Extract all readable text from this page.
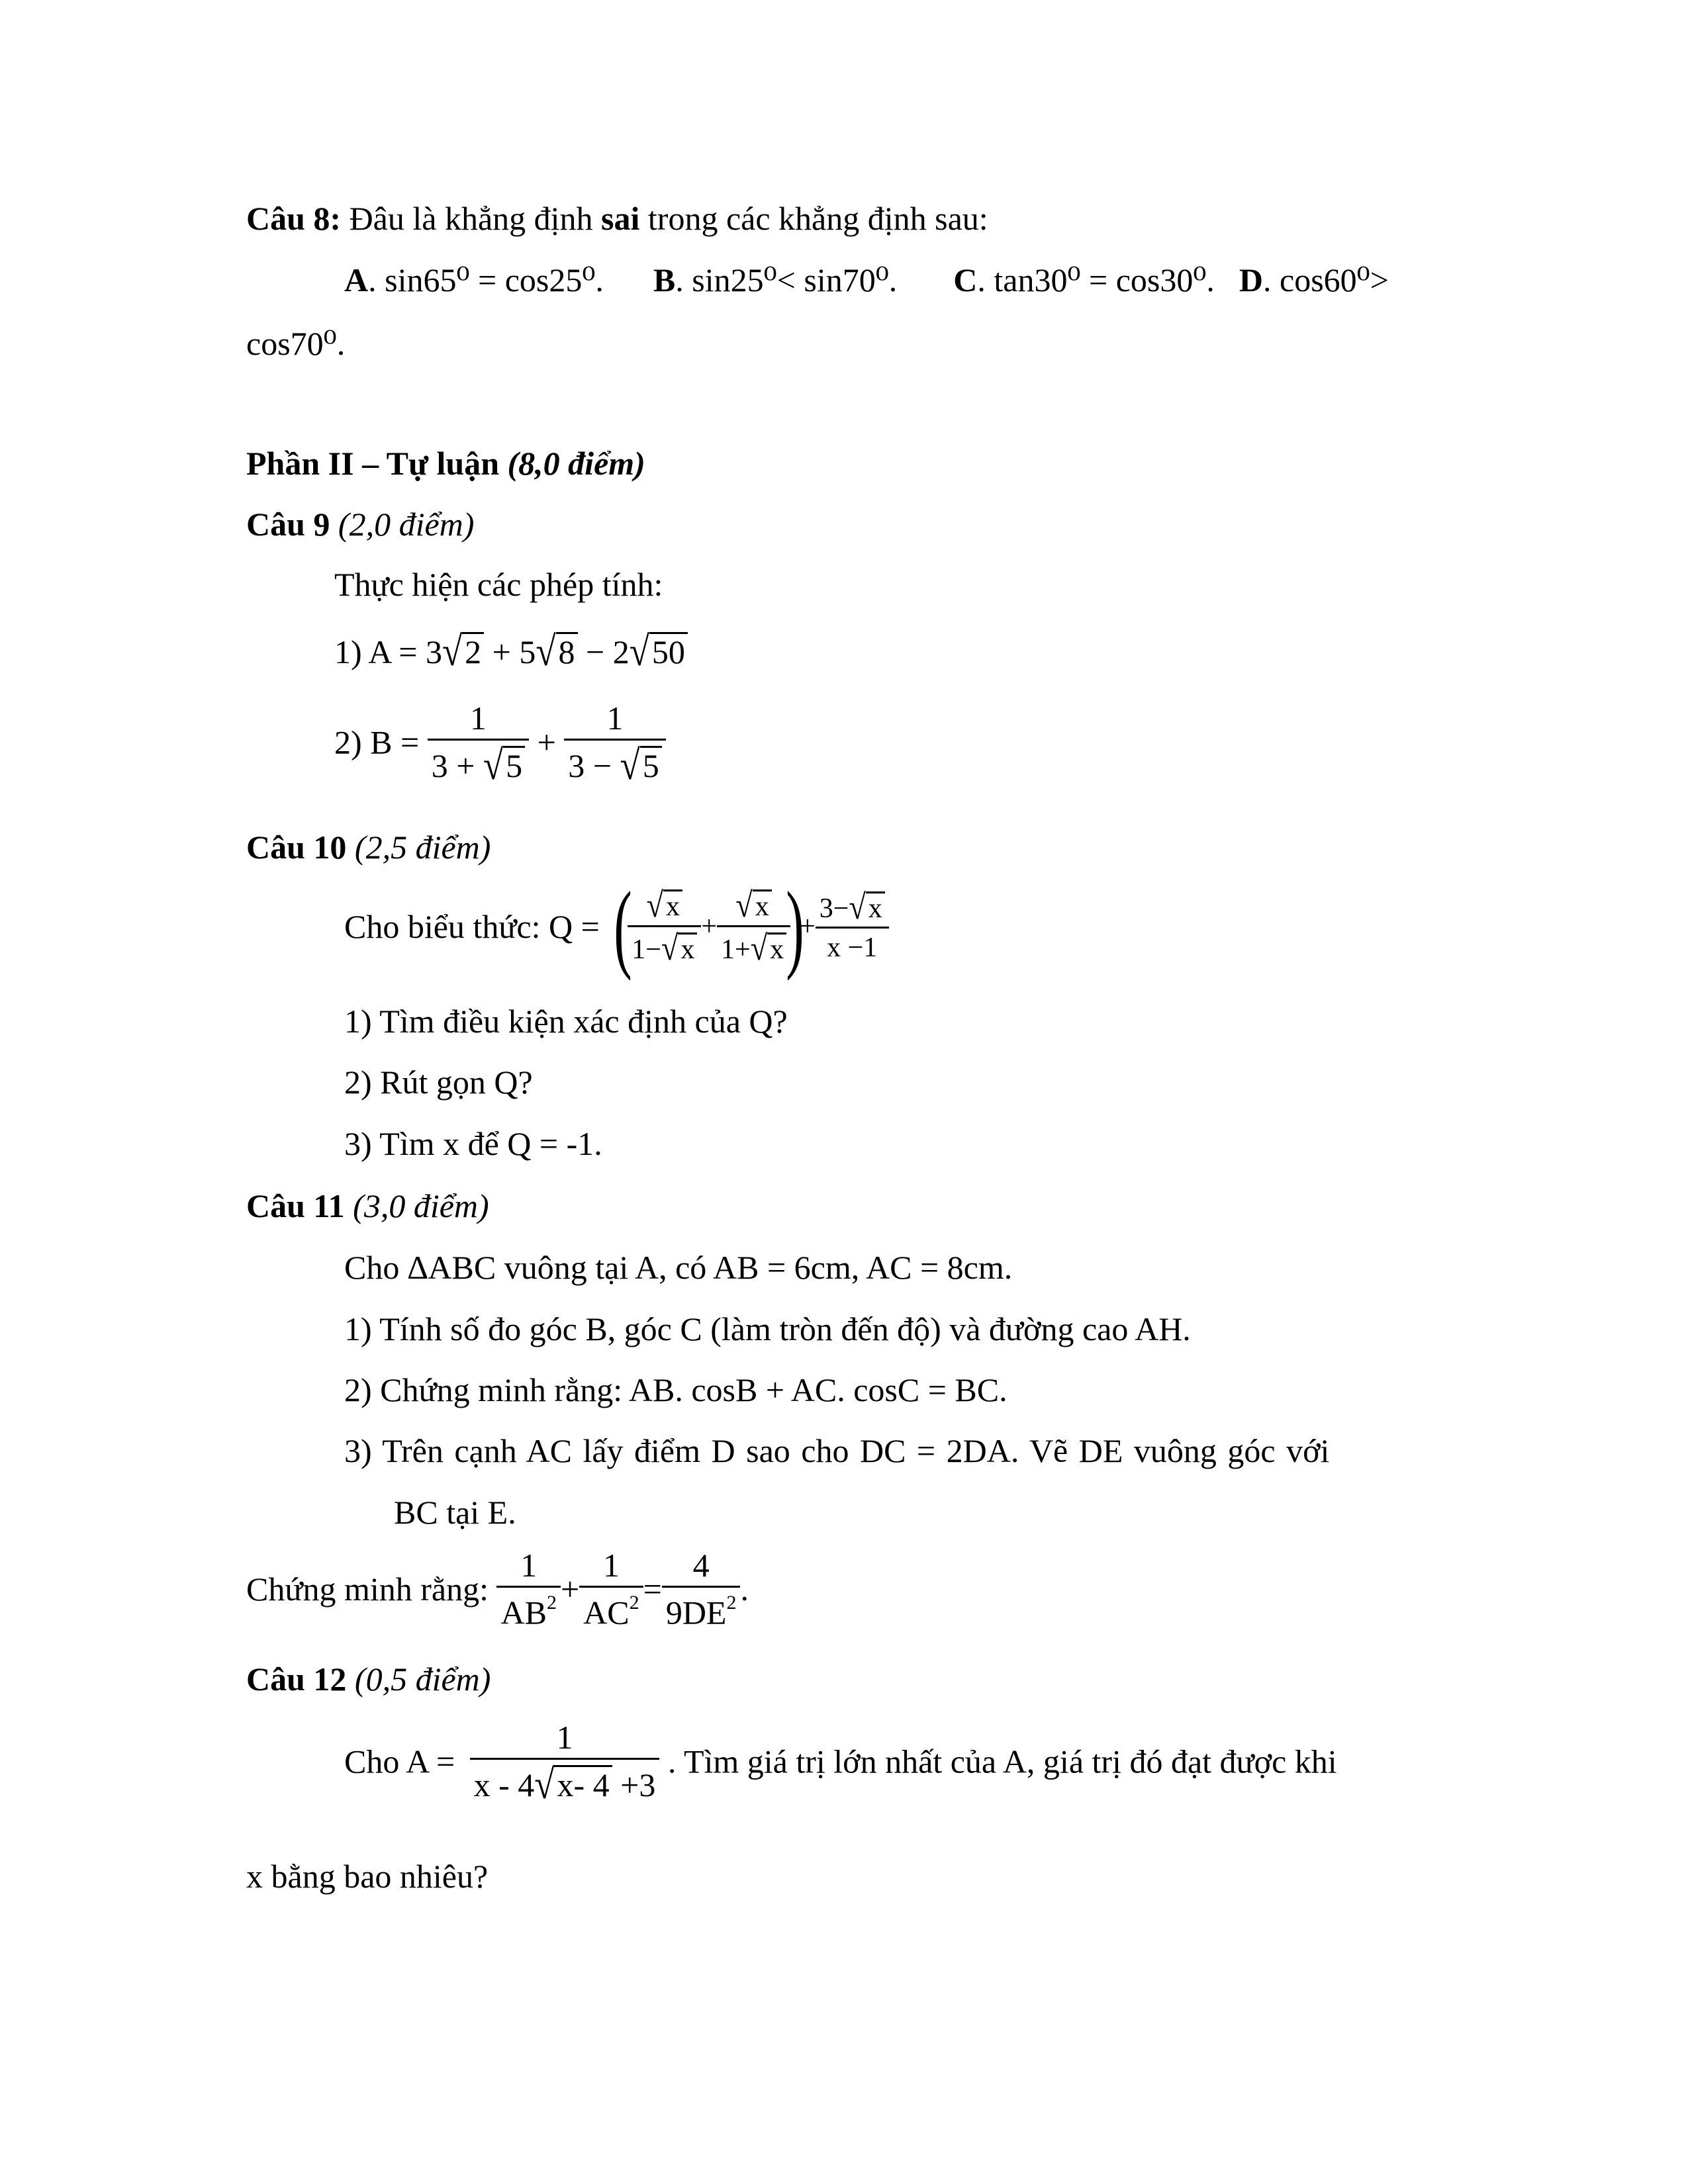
Câu 8: Đâu là khẳng định sai trong các khẳng định sau:
A. sin65⁰ = cos25⁰. B. sin25⁰< sin70⁰. C. tan30⁰ = cos30⁰. D. cos60⁰>
cos70⁰.
Phần II – Tự luận (8,0 điểm)
Câu 9 (2,0 điểm)
Thực hiện các phép tính:
1) A = 3√2 + 5√8 − 2√50
2) $B = \frac{1}{3 + √5} + \frac{1}{3 - √5}$
Câu 10 (2,5 điểm)
Cho biểu thức: Q = (
$\frac{√x}{1-√x} + \frac{√x}{1+√x}$
)+ $\frac{3-√x}{x -1}$
1) Tìm điều kiện xác định của Q?
2) Rút gọn Q?
3) Tìm x để Q = -1.
Câu 11 (3,0 điểm)
Cho ∆ABC vuông tại A, có AB = 6cm, AC = 8cm.
1) Tính số đo góc B, góc C (làm tròn đến độ) và đường cao AH.
2) Chứng minh rằng: AB. cosB + AC. cosC = BC.
3) Trên cạnh AC lấy điểm D sao cho DC = 2DA. Vẽ DE vuông góc với
BC tại E.
Chứng minh rằng: $\frac{1}{AB^2} + \frac{1}{AC^2} = \frac{4}{9DE^2}$ .
Câu 12 (0,5 điểm)
Cho $A = \frac{1}{x - 4√x- 4 +3}$ . Tìm giá trị lớn nhất của A, giá trị đó đạt được khi
x bằng bao nhiêu?
